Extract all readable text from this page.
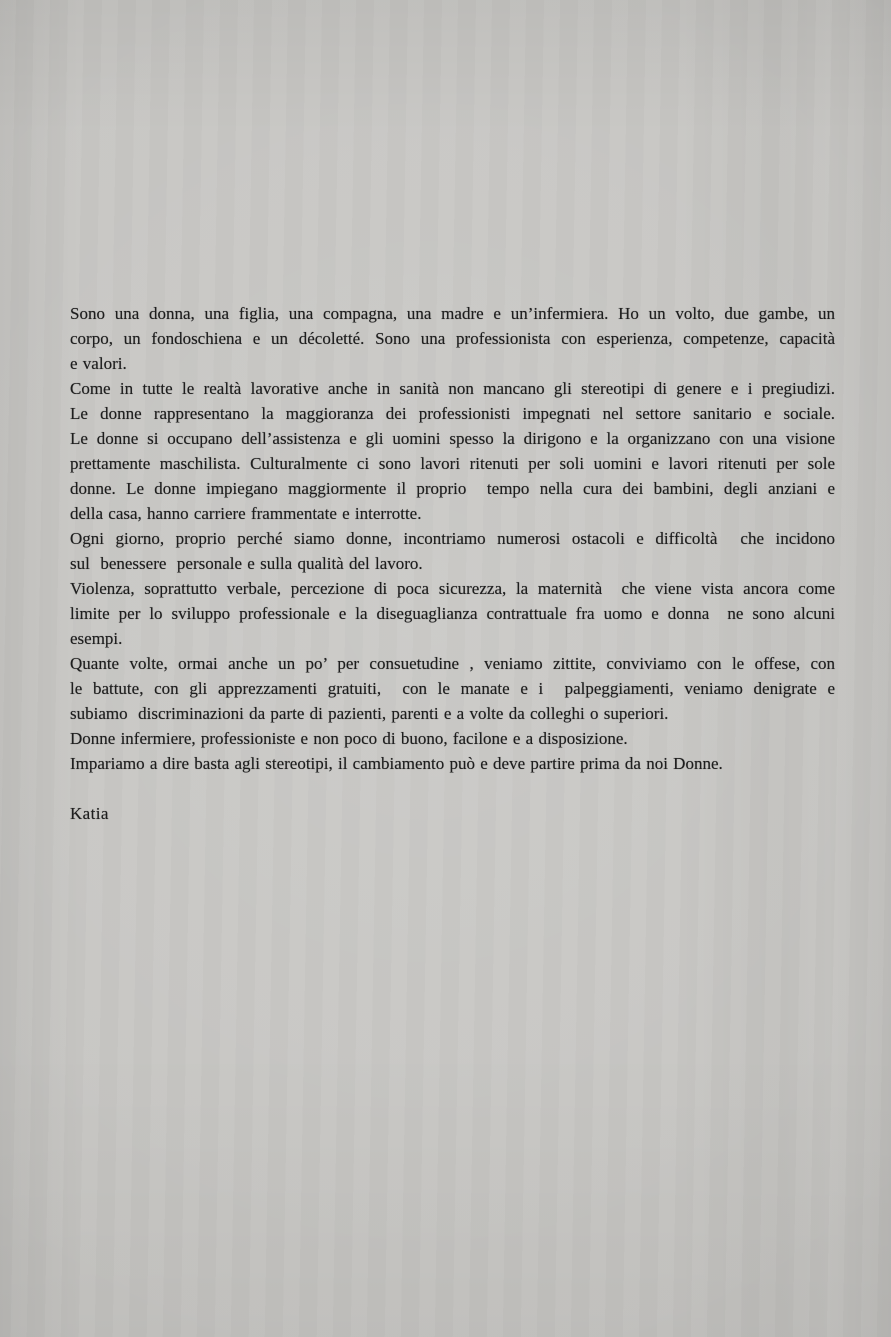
Sono una donna, una figlia, una compagna, una madre e un’infermiera. Ho un volto, due gambe, un
corpo, un fondoschiena e un décoletté. Sono una professionista con esperienza, competenze, capacità
e valori.
Come in tutte le realtà lavorative anche in sanità non mancano gli stereotipi di genere e i pregiudizi.
Le donne rappresentano la maggioranza dei professionisti impegnati nel settore sanitario e sociale.
Le donne si occupano dell’assistenza e gli uomini spesso la dirigono e la organizzano con una visione
prettamente maschilista. Culturalmente ci sono lavori ritenuti per soli uomini e lavori ritenuti per sole
donne. Le donne impiegano maggiormente il proprio  tempo nella cura dei bambini, degli anziani e
della casa, hanno carriere frammentate e interrotte.
Ogni giorno, proprio perché siamo donne, incontriamo numerosi ostacoli e difficoltà  che incidono
sul  benessere  personale e sulla qualità del lavoro.
Violenza, soprattutto verbale, percezione di poca sicurezza, la maternità  che viene vista ancora come
limite per lo sviluppo professionale e la diseguaglianza contrattuale fra uomo e donna  ne sono alcuni
esempi.
Quante volte, ormai anche un po’ per consuetudine , veniamo zittite, conviviamo con le offese, con
le battute, con gli apprezzamenti gratuiti,  con le manate e i  palpeggiamenti, veniamo denigrate e
subiamo  discriminazioni da parte di pazienti, parenti e a volte da colleghi o superiori.
Donne infermiere, professioniste e non poco di buono, facilone e a disposizione.
Impariamo a dire basta agli stereotipi, il cambiamento può e deve partire prima da noi Donne.
Katia
